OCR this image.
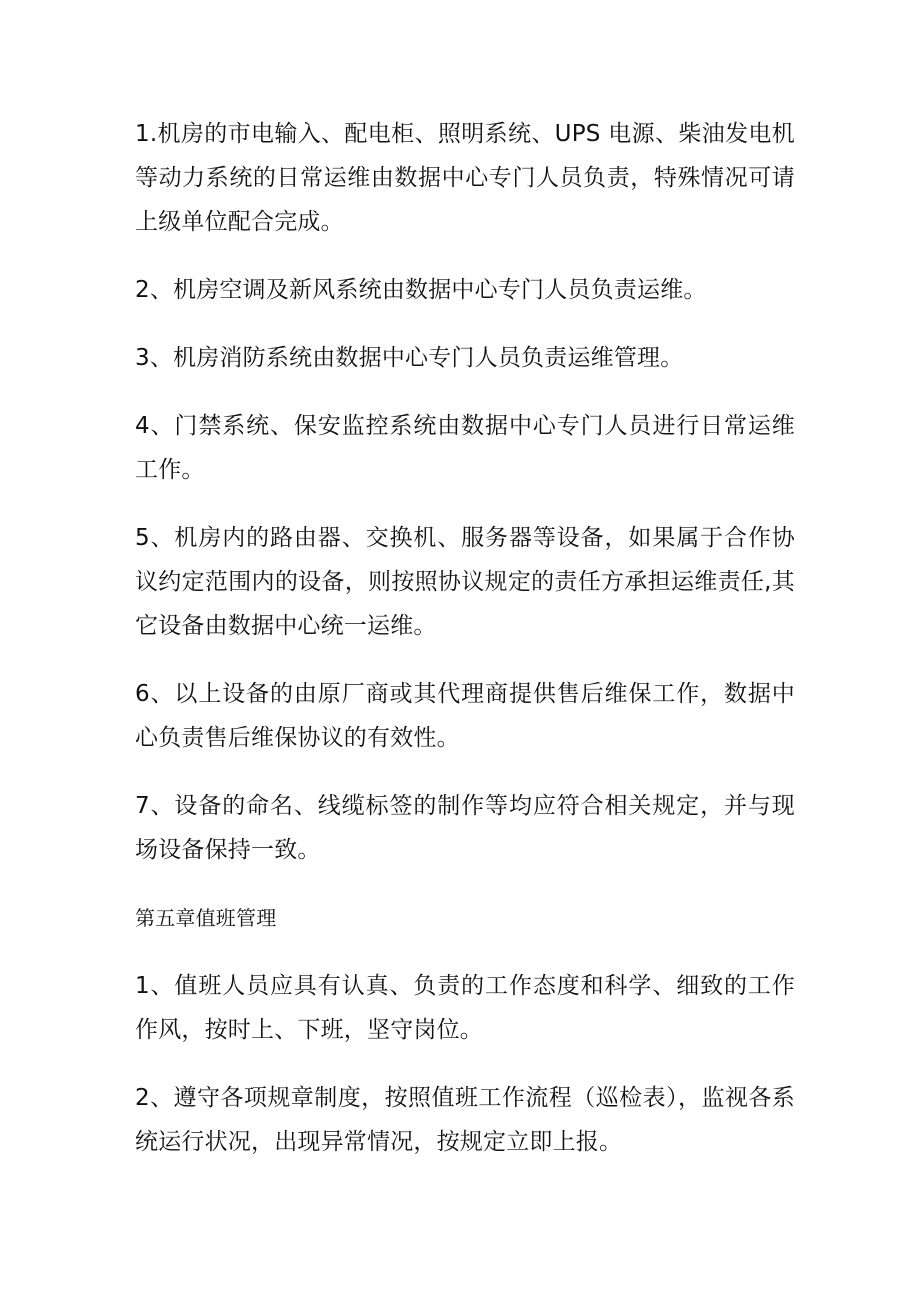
1.机房的市电输入、配电柜、照明系统、UPS 电源、柴油发电机等动力系统的日常运维由数据中心专门人员负责，特殊情况可请上级单位配合完成。

2、机房空调及新风系统由数据中心专门人员负责运维。

3、机房消防系统由数据中心专门人员负责运维管理。

4、门禁系统、保安监控系统由数据中心专门人员进行日常运维工作。

5、机房内的路由器、交换机、服务器等设备，如果属于合作协议约定范围内的设备，则按照协议规定的责任方承担运维责任,其它设备由数据中心统一运维。

6、以上设备的由原厂商或其代理商提供售后维保工作，数据中心负责售后维保协议的有效性。

7、设备的命名、线缆标签的制作等均应符合相关规定，并与现场设备保持一致。

第五章值班管理

1、值班人员应具有认真、负责的工作态度和科学、细致的工作作风，按时上、下班，坚守岗位。

2、遵守各项规章制度，按照值班工作流程（巡检表），监视各系统运行状况，出现异常情况，按规定立即上报。
